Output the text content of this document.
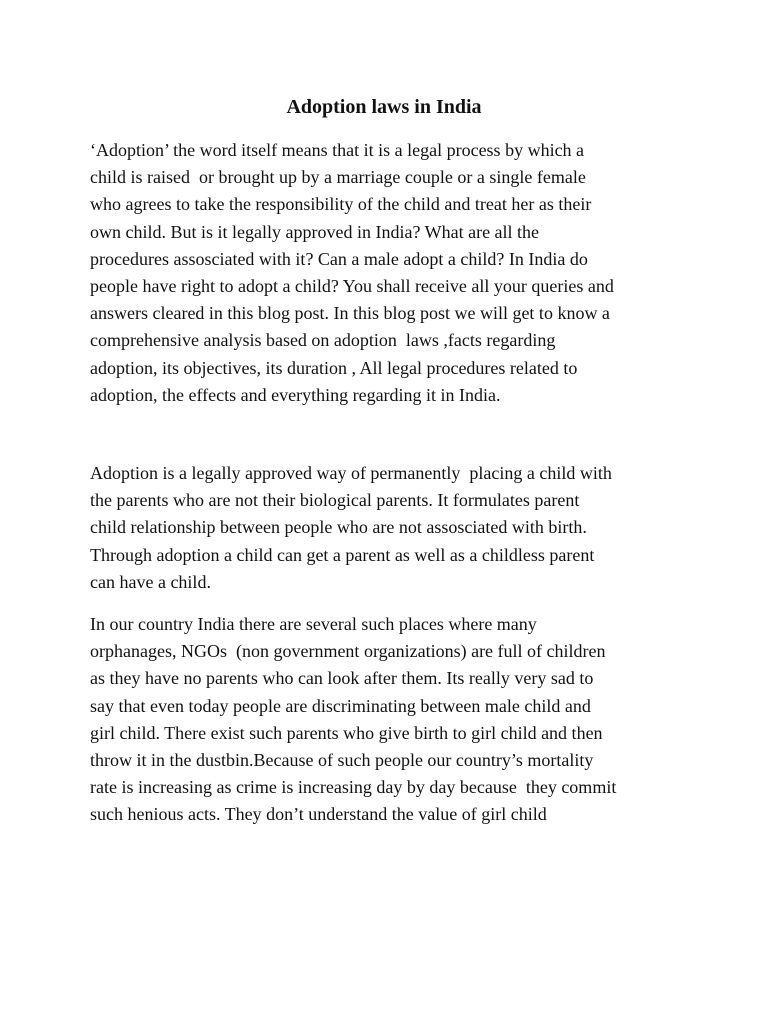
Adoption laws in India

‘Adoption’ the word itself means that it is a legal process by which a
child is raised  or brought up by a marriage couple or a single female
who agrees to take the responsibility of the child and treat her as their
own child. But is it legally approved in India? What are all the
procedures assosciated with it? Can a male adopt a child? In India do
people have right to adopt a child? You shall receive all your queries and
answers cleared in this blog post. In this blog post we will get to know a
comprehensive analysis based on adoption  laws ,facts regarding
adoption, its objectives, its duration , All legal procedures related to
adoption, the effects and everything regarding it in India.

Adoption is a legally approved way of permanently  placing a child with
the parents who are not their biological parents. It formulates parent
child relationship between people who are not assosciated with birth.
Through adoption a child can get a parent as well as a childless parent
can have a child.

In our country India there are several such places where many
orphanages, NGOs  (non government organizations) are full of children
as they have no parents who can look after them. Its really very sad to
say that even today people are discriminating between male child and
girl child. There exist such parents who give birth to girl child and then
throw it in the dustbin.Because of such people our country’s mortality
rate is increasing as crime is increasing day by day because  they commit
such henious acts. They don’t understand the value of girl child
